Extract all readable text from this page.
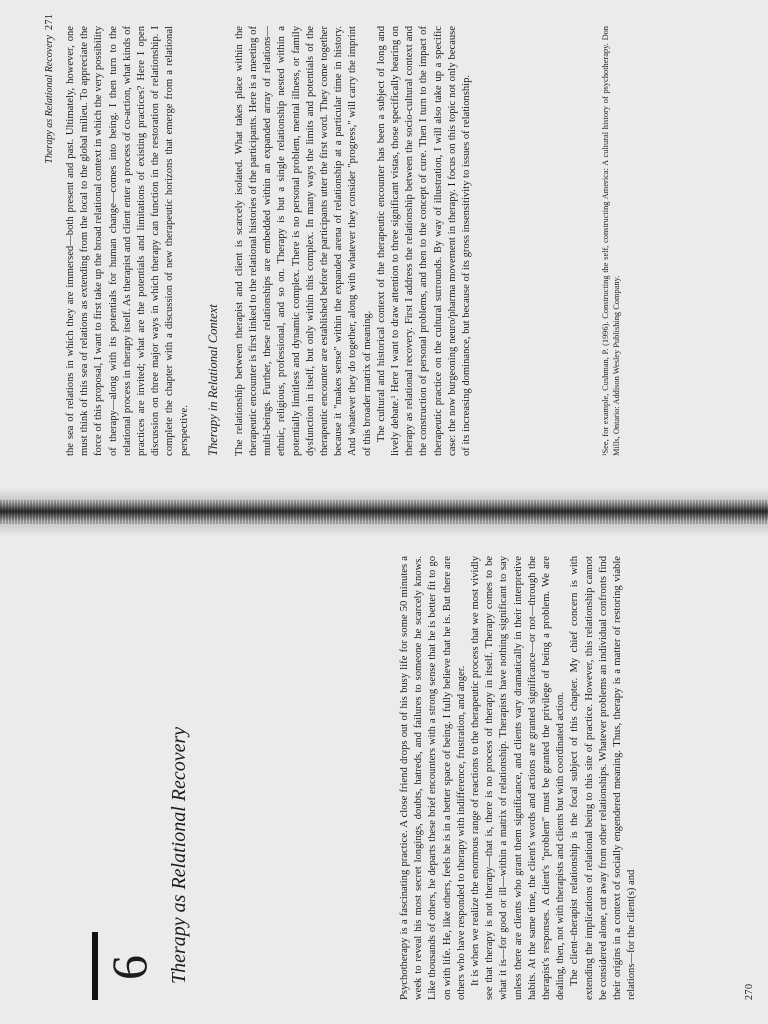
6 Therapy as Relational Recovery	Psychotherapy is a fascinating practice. A close friend drops out of his busy life for some 50 minutes a week to reveal his most secret longings, doubts, hatreds, and failures to someone he scarcely knows. Like thousands of others, he departs these brief encounters with a strong sense that he is better fit to go on with life. He, like others, feels he is in a better space of being. I fully believe that he is. But there are others who have responded to therapy with indifference, frustration, and anger. It is when we realize the enormous range of reactions to the therapeutic process that we most vividly see that therapy is not therapy—that is, there is no process of therapy in itself. Therapy comes to be what it is—for good or ill—within a matrix of relationship. Therapists have nothing significant to say unless there are clients who grant them significance, and clients vary dramatically in their interpretive habits. At the same time, the client's words and actions are granted significance—or not—through the therapist's responses. A client's "problem" must be granted the privilege of being a problem. We are dealing, then, not with therapists and clients but with coordinated action. The client–therapist relationship is the focal subject of this chapter. My chief concern is with extending the implications of relational being to this site of practice. However, this relationship cannot be considered alone, cut away from other relationships. Whatever problems an individual confronts find their origins in a context of socially engendered meaning. Thus, therapy is a matter of restoring viable relations—for the client(s) and	270
Therapy as Relational Recovery
271

the sea of relations in which they are immersed—both present and past. Ultimately, however, one must think of this sea of relations as extending from the local to the global milieu. To appreciate the force of this proposal, I want to first take up the broad relational context in which the very possibility of therapy—along with its potentials for human change—comes into being. I then turn to the relational process in therapy itself. As therapist and client enter a process of co-action, what kinds of practices are invited; what are the potentials and limitations of existing practices? Here I open discussion on three major ways in which therapy can function in the restoration of relationship. I complete the chapter with a discussion of new therapeutic horizons that emerge from a relational perspective. Therapy in Relational Context The relationship between therapist and client is scarcely isolated. What takes place within the therapeutic encounter is first linked to the relational histories of the participants. Here is a meeting of multi-beings. Further, these relationships are embedded within an expanded array of relations—ethnic, religious, professional, and so on. Therapy is but a single relationship nested within a potentially limitless and dynamic complex. There is no personal problem, mental illness, or family dysfunction in itself, but only within this complex. In many ways the limits and potentials of the therapeutic encounter are established before the participants utter the first word. They come together because it "makes sense" within the expanded arena of relationship at a particular time in history. And whatever they do together, along with whatever they consider "progress," will carry the imprint of this broader matrix of meaning. The cultural and historical context of the therapeutic encounter has been a subject of long and lively debate.¹ Here I want to draw attention to three significant vistas, those specifically bearing on therapy as relational recovery. First I address the relationship between the socio-cultural context and the construction of personal problems, and then to the concept of cure. Then I turn to the impact of therapeutic practice on the cultural surrounds. By way of illustration, I will also take up a specific case: the now burgeoning neuro/pharma movement in therapy. I focus on this topic not only because of its increasing dominance, but because of its gross insensitivity to issues of relationship.	¹See, for example, Cushman, P. (1996). Constructing the self, constructing America: A cultural history of psychotherapy. Don Mills, Ontario: Addison Wesley Publishing Company.
